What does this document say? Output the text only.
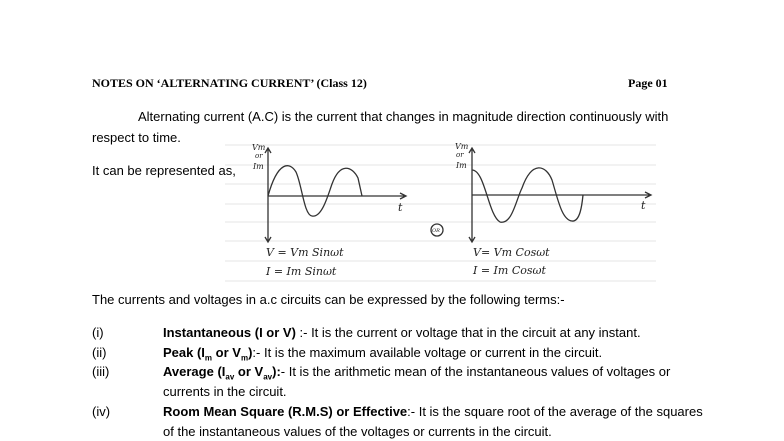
NOTES ON ‘ALTERNATING CURRENT’ (Class 12)	Page 01
Alternating current (A.C) is the current that changes in magnitude direction continuously with
respect to time.
It can be represented as,
Vm
or
Im
t
V = Vm Sinωt
I = Im Sinωt
OR
Vm
or
Im
t
V= Vm Cosωt
I = Im Cosωt
The currents and voltages in a.c circuits can be expressed by the following terms:-
(i)	Instantaneous (I or V) :- It is the current or voltage that in the circuit at any instant.
(ii)	Peak ($I_m$ or $V_m):-$ It is the maximum available voltage or current in the circuit.
(iii)	Average ($I_{av}$ or $V_{av}):-$ It is the arithmetic mean of the instantaneous values of voltages or
currents in the circuit.
(iv)	Room Mean Square (R.M.S) or Effective:- It is the square root of the average of the squares
of the instantaneous values of the voltages or currents in the circuit.
